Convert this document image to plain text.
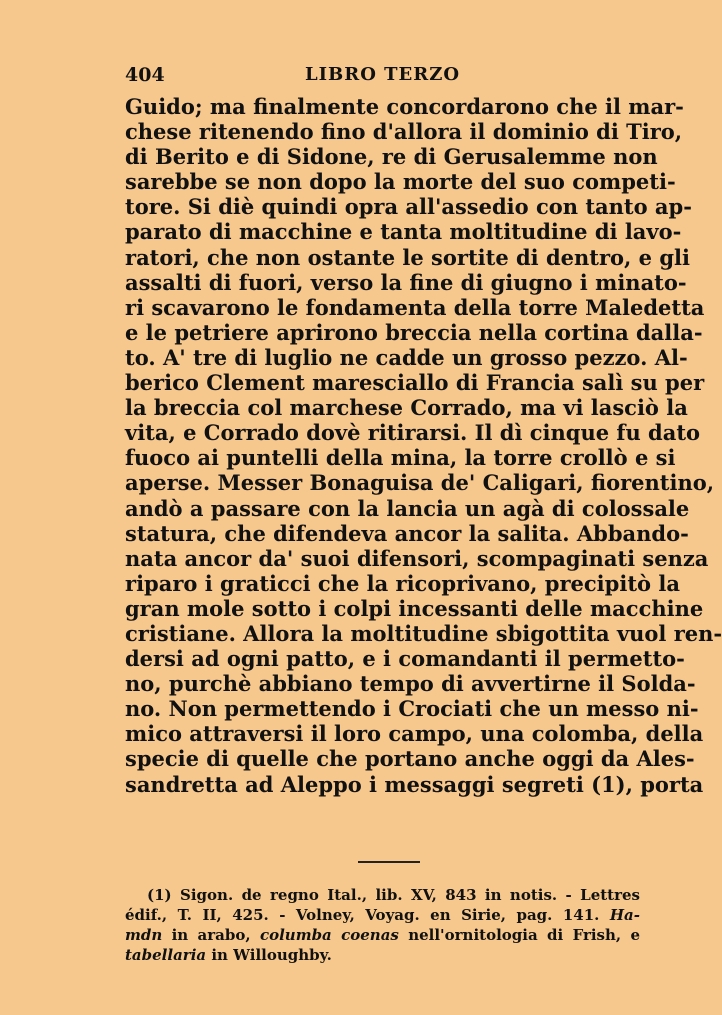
404	LIBRO TERZO
Guido; ma finalmente concordarono che il mar-
chese ritenendo fino d'allora il dominio di Tiro,
di Berito e di Sidone, re di Gerusalemme non
sarebbe se non dopo la morte del suo competi-
tore. Si diè quindi opra all'assedio con tanto ap-
parato di macchine e tanta moltitudine di lavo-
ratori, che non ostante le sortite di dentro, e gli
assalti di fuori, verso la fine di giugno i minato-
ri scavarono le fondamenta della torre Maledetta
e le petriere aprirono breccia nella cortina dalla-
to. A' tre di luglio ne cadde un grosso pezzo. Al-
berico Clement maresciallo di Francia salì su per
la breccia col marchese Corrado, ma vi lasciò la
vita, e Corrado dovè ritirarsi. Il dì cinque fu dato
fuoco ai puntelli della mina, la torre crollò e si
aperse. Messer Bonaguisa de' Caligari, fiorentino,
andò a passare con la lancia un agà di colossale
statura, che difendeva ancor la salita. Abbando-
nata ancor da' suoi difensori, scompaginati senza
riparo i graticci che la ricoprivano, precipitò la
gran mole sotto i colpi incessanti delle macchine
cristiane. Allora la moltitudine sbigottita vuol ren-
dersi ad ogni patto, e i comandanti il permetto-
no, purchè abbiano tempo di avvertirne il Solda-
no. Non permettendo i Crociati che un messo ni-
mico attraversi il loro campo, una colomba, della
specie di quelle che portano anche oggi da Ales-
sandretta ad Aleppo i messaggi segreti (1), porta
(1) Sigon. de regno Ital., lib. XV, 843 in notis. - Lettres
édif., T. II, 425. - Volney, Voyag. en Sirie, pag. 141. Ha-
mdn in arabo, columba coenas nell'ornitologia di Frish, e
tabellaria in Willoughby.
